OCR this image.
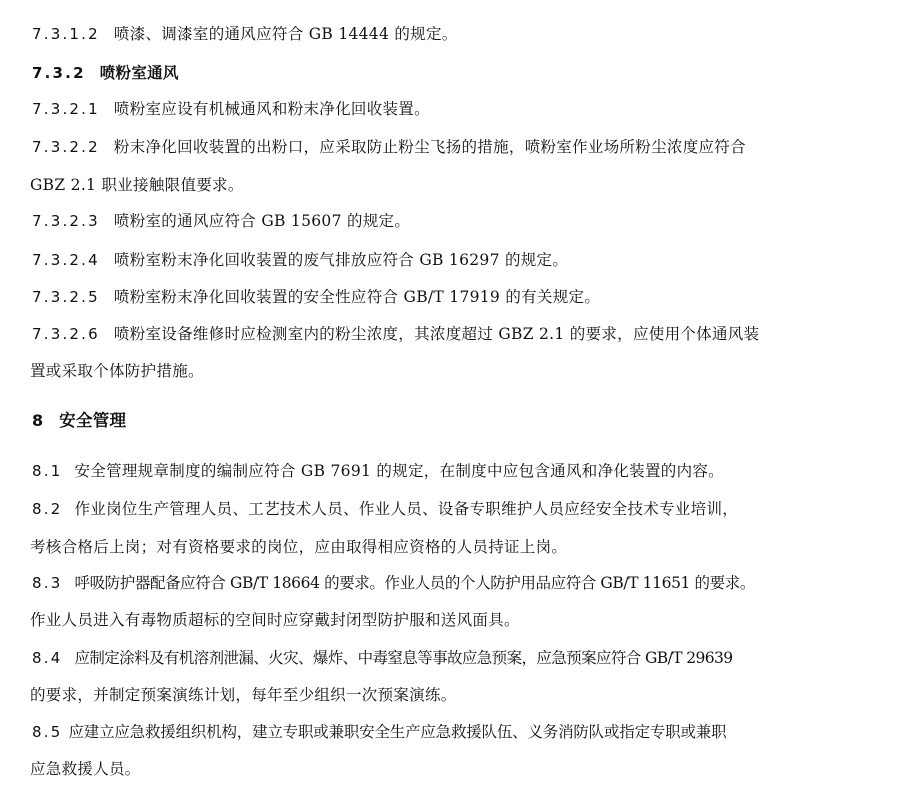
7.3.1.2 喷漆、调漆室的通风应符合 GB 14444 的规定。
7.3.2 喷粉室通风
7.3.2.1 喷粉室应设有机械通风和粉末净化回收装置。
7.3.2.2 粉末净化回收装置的出粉口，应采取防止粉尘飞扬的措施，喷粉室作业场所粉尘浓度应符合
GBZ 2.1 职业接触限值要求。
7.3.2.3 喷粉室的通风应符合 GB 15607 的规定。
7.3.2.4 喷粉室粉末净化回收装置的废气排放应符合 GB 16297 的规定。
7.3.2.5 喷粉室粉末净化回收装置的安全性应符合 GB/T 17919 的有关规定。
7.3.2.6 喷粉室设备维修时应检测室内的粉尘浓度，其浓度超过 GBZ 2.1 的要求，应使用个体通风装
置或采取个体防护措施。
8 安全管理
8.1 安全管理规章制度的编制应符合 GB 7691 的规定，在制度中应包含通风和净化装置的内容。
8.2 作业岗位生产管理人员、工艺技术人员、作业人员、设备专职维护人员应经安全技术专业培训，
考核合格后上岗；对有资格要求的岗位，应由取得相应资格的人员持证上岗。
8.3 呼吸防护器配备应符合 GB/T 18664 的要求。作业人员的个人防护用品应符合 GB/T 11651 的要求。
作业人员进入有毒物质超标的空间时应穿戴封闭型防护服和送风面具。
8.4 应制定涂料及有机溶剂泄漏、火灾、爆炸、中毒窒息等事故应急预案，应急预案应符合 GB/T 29639
的要求，并制定预案演练计划，每年至少组织一次预案演练。
8.5 应建立应急救援组织机构，建立专职或兼职安全生产应急救援队伍、义务消防队或指定专职或兼职
应急救援人员。
